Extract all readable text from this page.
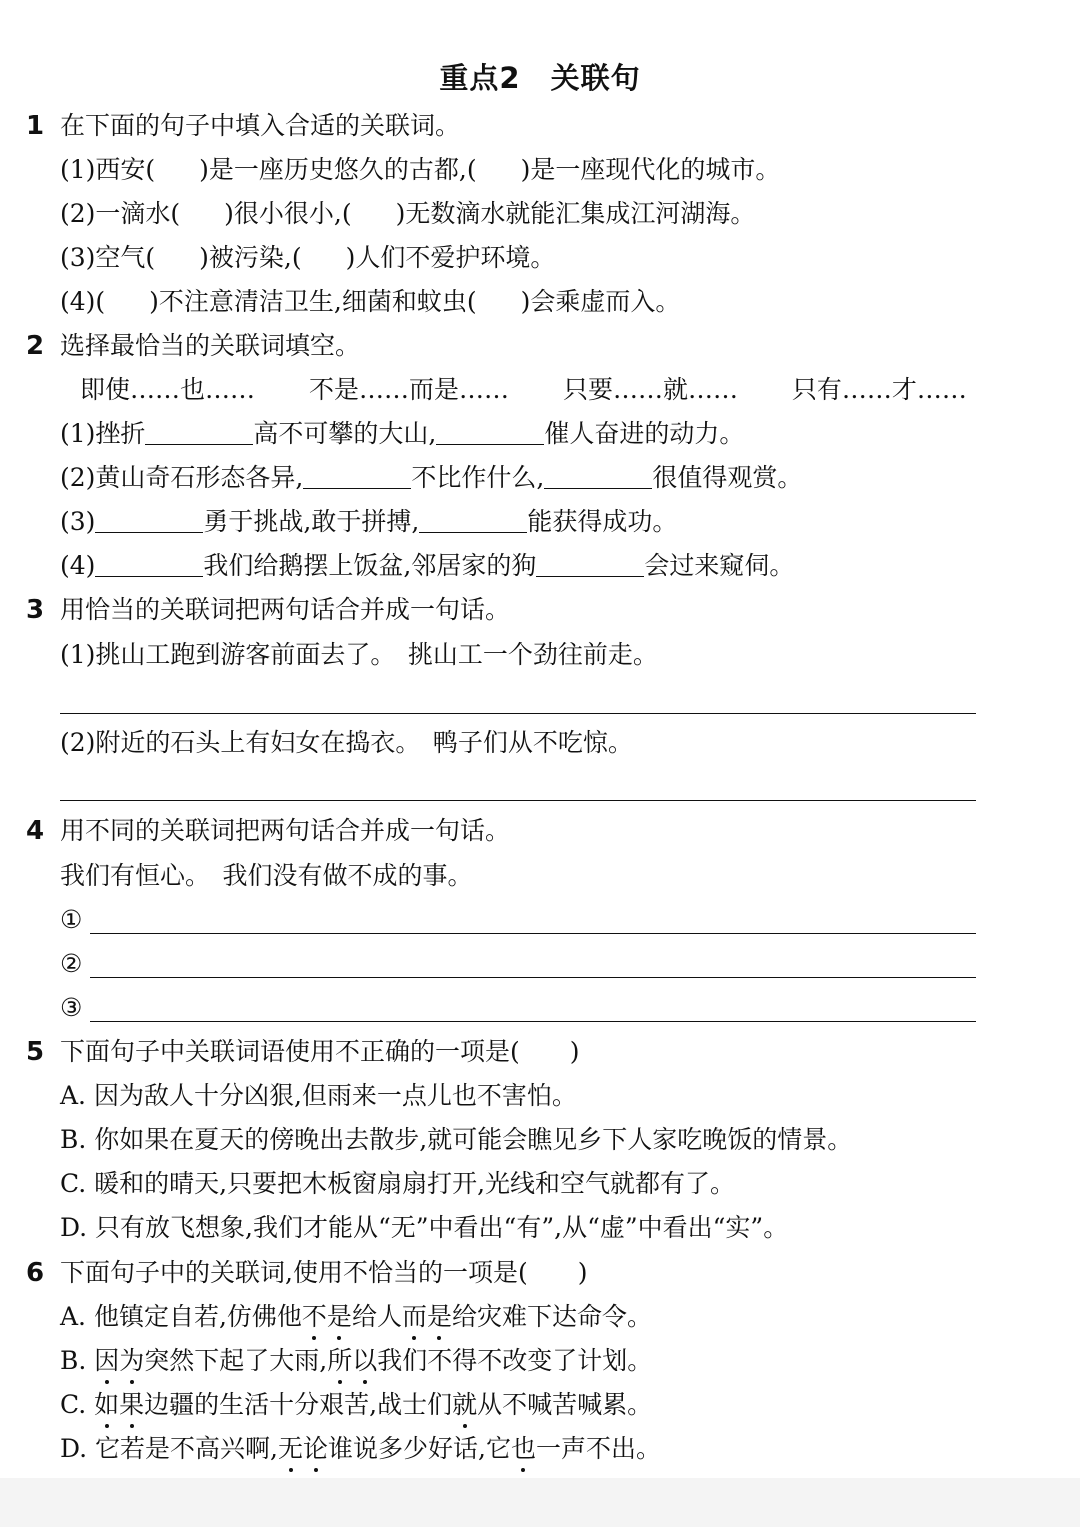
重点2　关联句
1 在下面的句子中填入合适的关联词。
(1)西安( )是一座历史悠久的古都,( )是一座现代化的城市。
(2)一滴水( )很小很小,( )无数滴水就能汇集成江河湖海。
(3)空气( )被污染,( )人们不爱护环境。
(4)( )不注意清洁卫生,细菌和蚊虫( )会乘虚而入。
2 选择最恰当的关联词填空。
即使……也…… 不是……而是…… 只要……就…… 只有……才……
(1)挫折	高不可攀的大山,	催人奋进的动力。
(2)黄山奇石形态各异,	不比作什么,	很值得观赏。
(3)	勇于挑战,敢于拼搏,	能获得成功。
(4)	我们给鹅摆上饭盆,邻居家的狗	会过来窥伺。
3 用恰当的关联词把两句话合并成一句话。
(1)挑山工跑到游客前面去了。　挑山工一个劲往前走。
(2)附近的石头上有妇女在捣衣。　鸭子们从不吃惊。
4 用不同的关联词把两句话合并成一句话。
我们有恒心。　我们没有做不成的事。
①
②
③
5 下面句子中关联词语使用不正确的一项是(　　)
A. 因为敌人十分凶狠,但雨来一点儿也不害怕。
B. 你如果在夏天的傍晚出去散步,就可能会瞧见乡下人家吃晚饭的情景。
C. 暖和的晴天,只要把木板窗扇扇打开,光线和空气就都有了。
D. 只有放飞想象,我们才能从“无”中看出“有”,从“虚”中看出“实”。
6 下面句子中的关联词,使用不恰当的一项是(　　)
A. 他镇定自若,仿佛他不是给人而是给灾难下达命令。
B. 因为突然下起了大雨,所以我们不得不改变了计划。
C. 如果边疆的生活十分艰苦,战士们就从不喊苦喊累。
D. 它若是不高兴啊,无论谁说多少好话,它也一声不出。
